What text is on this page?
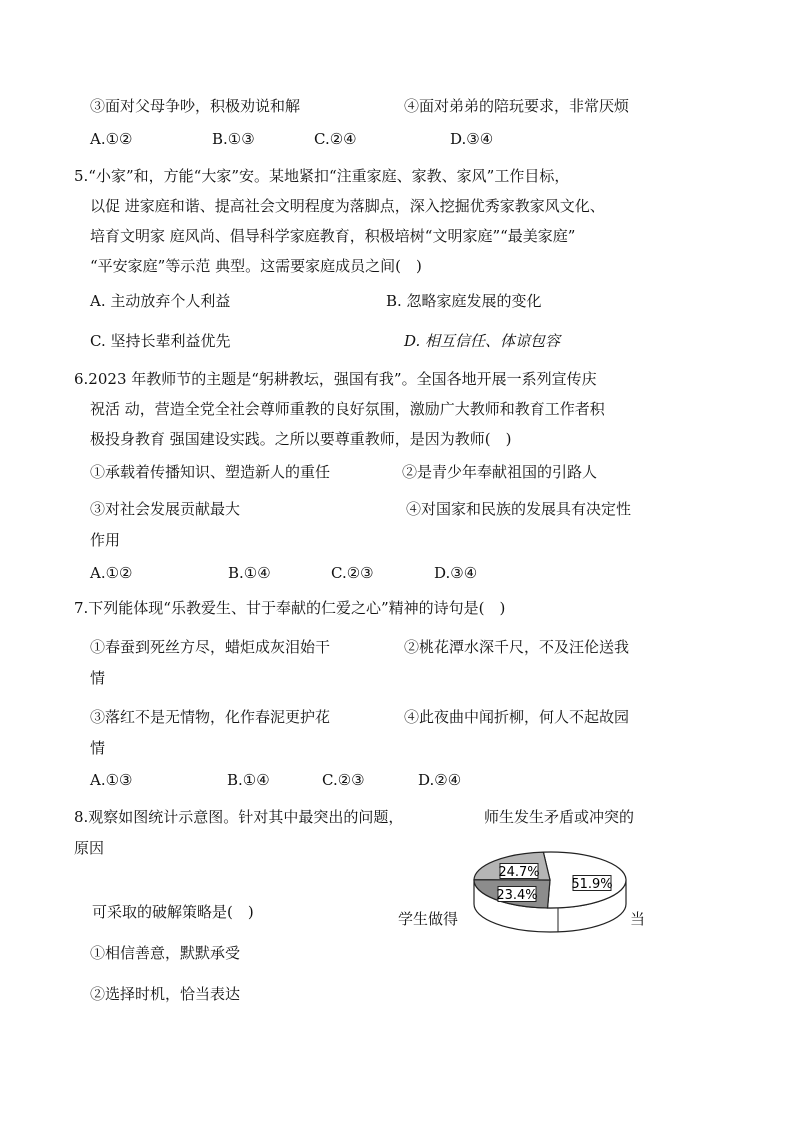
③面对父母争吵，积极劝说和解	④面对弟弟的陪玩要求，非常厌烦
A.①②	B.①③	C.②④	D.③④
5.“小家”和，方能“大家”安。某地紧扣“注重家庭、家教、家风”工作目标，
以促 进家庭和谐、提高社会文明程度为落脚点，深入挖掘优秀家教家风文化、
培育文明家 庭风尚、倡导科学家庭教育，积极培树“文明家庭”“最美家庭”
“平安家庭”等示范 典型。这需要家庭成员之间(　)
A. 主动放弃个人利益	B. 忽略家庭发展的变化
C. 坚持长辈利益优先	D. 相互信任、体谅包容
6.2023 年教师节的主题是“躬耕教坛，强国有我”。全国各地开展一系列宣传庆
祝活 动，营造全党全社会尊师重教的良好氛围，激励广大教师和教育工作者积
极投身教育 强国建设实践。之所以要尊重教师，是因为教师(　)
①承载着传播知识、塑造新人的重任	②是青少年奉献祖国的引路人
③对社会发展贡献最大	④对国家和民族的发展具有决定性
作用
A.①②	B.①④	C.②③	D.③④
7.下列能体现“乐教爱生、甘于奉献的仁爱之心”精神的诗句是(　)
①春蚕到死丝方尽，蜡炬成灰泪始干	②桃花潭水深千尺，不及汪伦送我
情
③落红不是无情物，化作春泥更护花	④此夜曲中闻折柳，何人不起故园
情
A.①③	B.①④	C.②③	D.②④
8.观察如图统计示意图。针对其中最突出的问题，	师生发生矛盾或冲突的
原因
可采取的破解策略是(　)	学生做得	当
①相信善意，默默承受
②选择时机，恰当表达
51.9%
24.7%
23.4%
